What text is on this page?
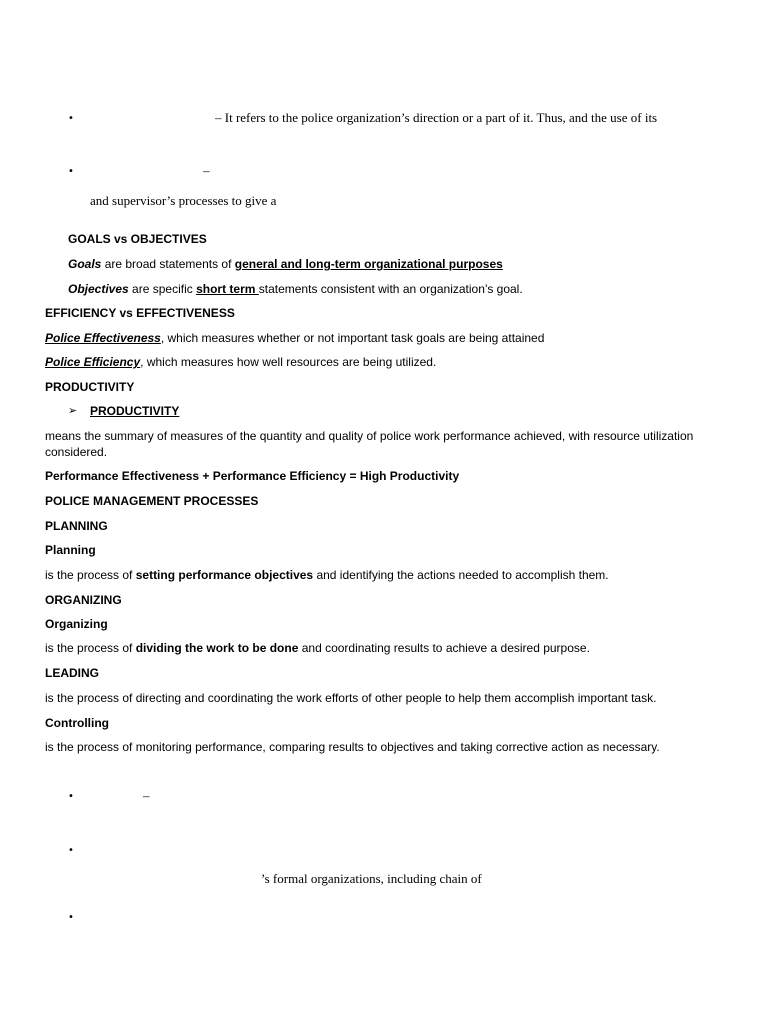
•	– It refers to the police organization’s direction or a part of it. Thus, and the use of its
•	–
and supervisor’s processes to give a
GOALS vs OBJECTIVES
Goals are broad statements of general and long-term organizational purposes
Objectives are specific short term statements consistent with an organization’s goal.
EFFICIENCY vs EFFECTIVENESS
Police Effectiveness, which measures whether or not important task goals are being attained
Police Efficiency, which measures how well resources are being utilized.
PRODUCTIVITY
➢ PRODUCTIVITY
means the summary of measures of the quantity and quality of police work performance achieved, with resource utilization considered.
Performance Effectiveness + Performance Efficiency = High Productivity
POLICE MANAGEMENT PROCESSES
PLANNING
Planning
is the process of setting performance objectives and identifying the actions needed to accomplish them.
ORGANIZING
Organizing
is the process of dividing the work to be done and coordinating results to achieve a desired purpose.
LEADING
is the process of directing and coordinating the work efforts of other people to help them accomplish important task.
Controlling
is the process of monitoring performance, comparing results to objectives and taking corrective action as necessary.
•	–
•
’s formal organizations, including chain of
•
